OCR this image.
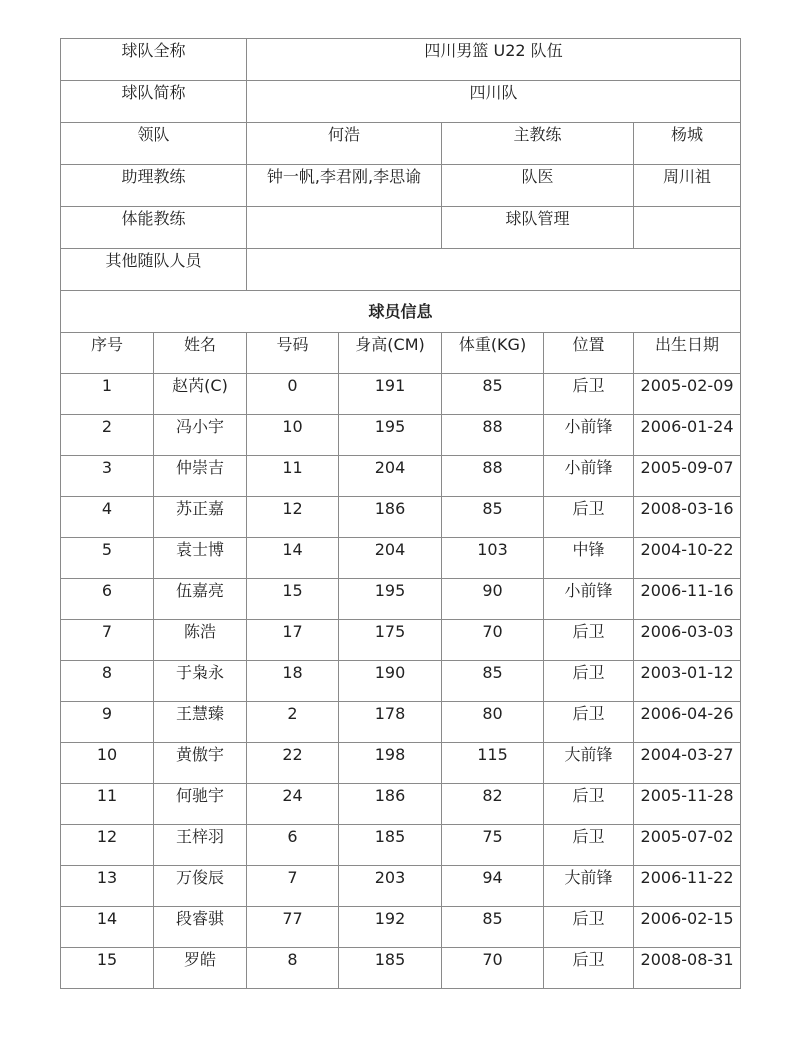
球队全称		四川男篮 U22 队伍				
球队简称		四川队				
领队		何浩		主教练		杨城
助理教练		钟一帆,李君刚,李思谕		队医		周川祖
体能教练				球队管理		
其他随队人员						
球员信息						
序号	姓名	号码	身高(CM)	体重(KG)	位置	出生日期
1	赵芮(C)	0	191	85	后卫	2005-02-09
2	冯小宇	10	195	88	小前锋	2006-01-24
3	仲崇吉	11	204	88	小前锋	2005-09-07
4	苏正嘉	12	186	85	后卫	2008-03-16
5	袁士博	14	204	103	中锋	2004-10-22
6	伍嘉亮	15	195	90	小前锋	2006-11-16
7	陈浩	17	175	70	后卫	2006-03-03
8	于枭永	18	190	85	后卫	2003-01-12
9	王慧臻	2	178	80	后卫	2006-04-26
10	黄傲宇	22	198	115	大前锋	2004-03-27
11	何驰宇	24	186	82	后卫	2005-11-28
12	王梓羽	6	185	75	后卫	2005-07-02
13	万俊辰	7	203	94	大前锋	2006-11-22
14	段睿骐	77	192	85	后卫	2006-02-15
15	罗皓	8	185	70	后卫	2008-08-31
